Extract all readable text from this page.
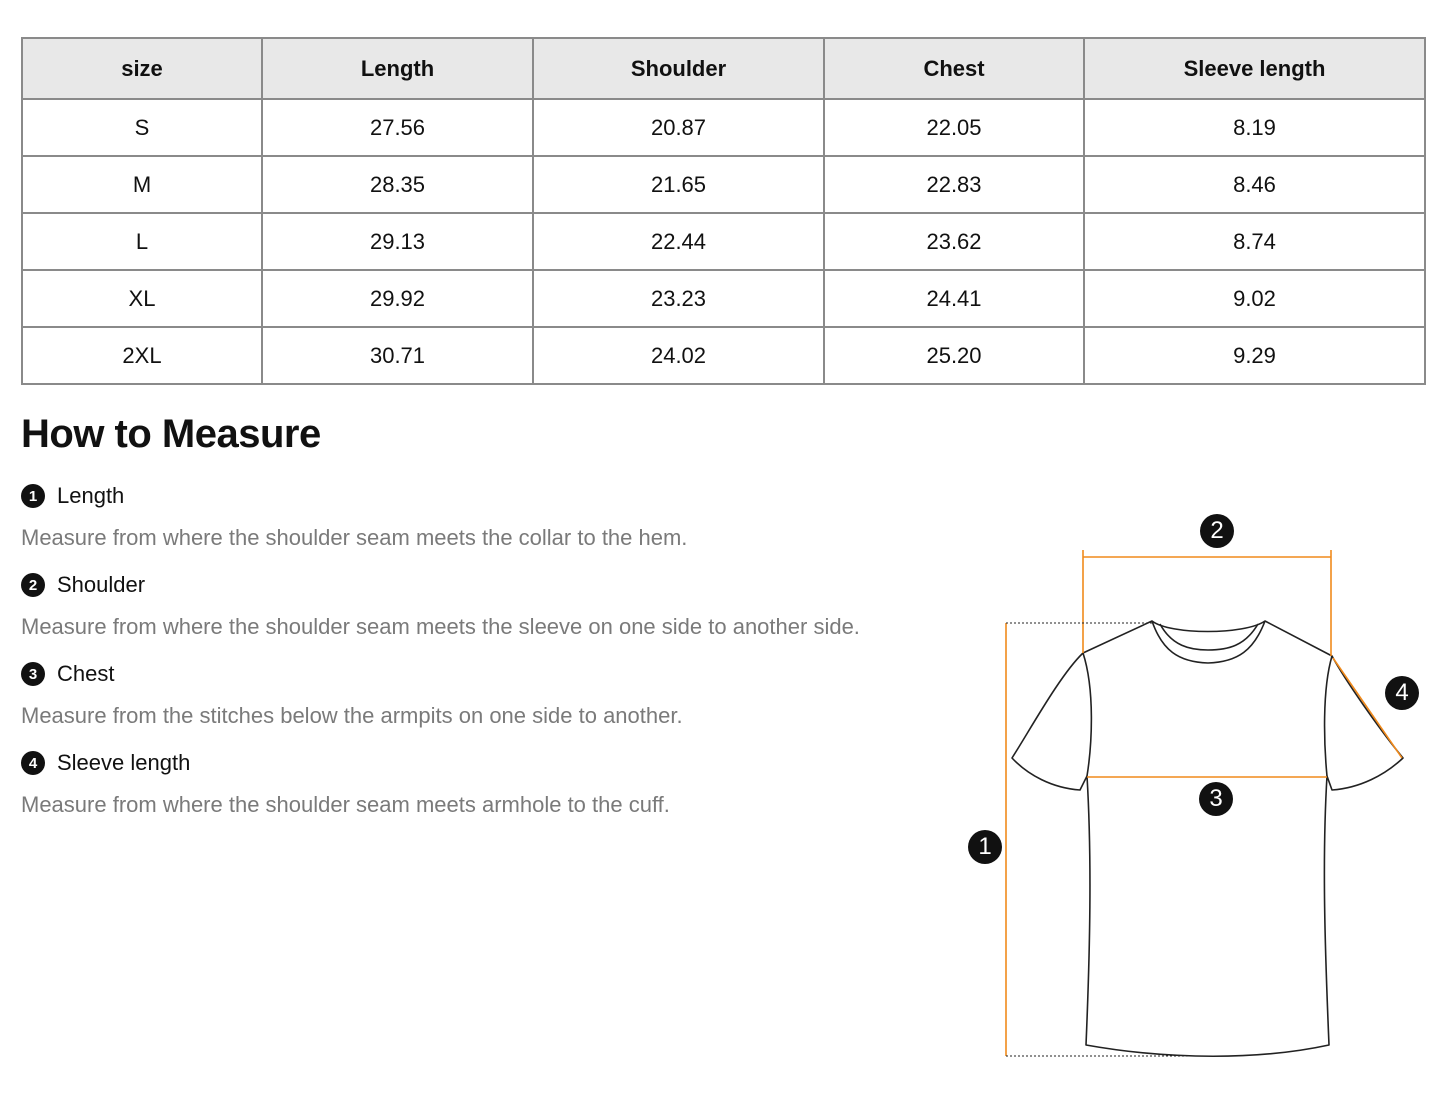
size	Length	Shoulder	Chest	Sleeve length
S	27.56	20.87	22.05	8.19
M	28.35	21.65	22.83	8.46
L	29.13	22.44	23.62	8.74
XL	29.92	23.23	24.41	9.02
2XL	30.71	24.02	25.20	9.29
How to Measure
1 Length
Measure from where the shoulder seam meets the collar to the hem.
2 Shoulder
Measure from where the shoulder seam meets the sleeve on one side to another side.
3 Chest
Measure from the stitches below the armpits on one side to another.
4 Sleeve length
Measure from where the shoulder seam meets armhole to the cuff.
2
3
4
1
